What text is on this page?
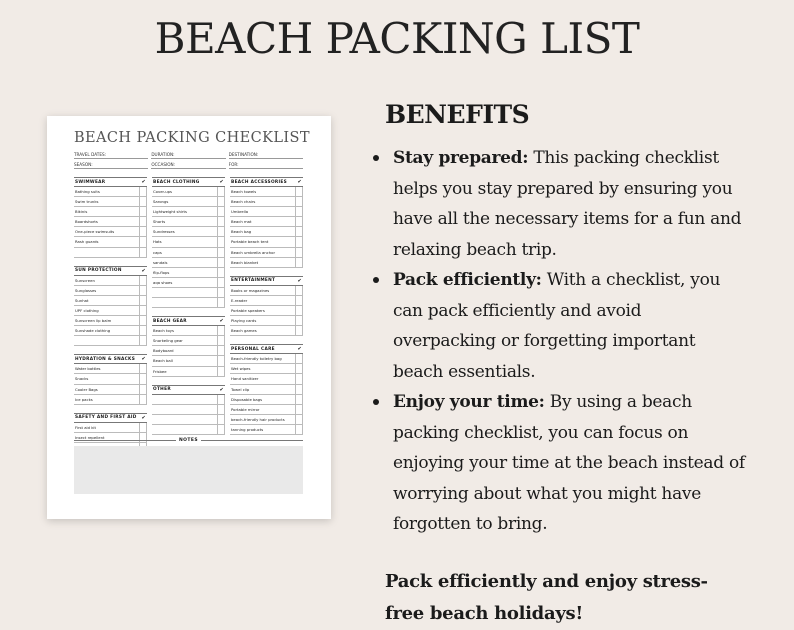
BEACH PACKING LIST
BEACH PACKING CHECKLIST
TRAVEL DATES:	DURATION:	DESTINATION:
SEASON:	OCCASION:	FOR:
SWIMWEAR	✔
Bathing suits
Swim trunks
Bikinis
Boardshorts
One-piece swimsuits
Rash guards
SUN PROTECTION	✔
Sunscreen
Sunglasses
Sunhat
UPF clothing
Sunscreen lip balm
Sunshade clothing
HYDRATION & SNACKS ✔
Water bottles
Snacks
Cooler Bags
Ice packs
SAFETY AND FIRST AID ✔
First aid kit
Insect repellent
BEACH CLOTHING	✔
Cover-ups
Sarongs
Lightweight shirts
Shorts
Sundresses
Hats
caps
sandals
flip-flops
aqa shoes
BEACH GEAR	✔
Beach toys
Snorkeling gear
Bodyboard
Beach ball
Frisbee
OTHER	✔
BEACH ACCESSORIES ✔
Beach towels
Beach chairs
Umbrella
Beach mat
Beach bag
Portable beach tent
Beach umbrella anchor
Beach blanket
ENTERTAINMENT	✔
Books or magazines
E-reader
Portable speakers
Playing cards
Beach games
PERSONAL CARE	✔
Beach-friendly toiletry bag
Wet wipes
Hand sanitizer
Towel clip
Disposable bags
Portable mirror
beach-friendly hair products
tanning products
NOTES
BENEFITS
Stay prepared: This packing checklist helps you stay prepared by ensuring you have all the necessary items for a fun and relaxing beach trip.
Pack efficiently: With a checklist, you can pack efficiently and avoid overpacking or forgetting important beach essentials.
Enjoy your time: By using a beach packing checklist, you can focus on enjoying your time at the beach instead of worrying about what you might have forgotten to bring.
Pack efficiently and enjoy stress-free beach holidays!
